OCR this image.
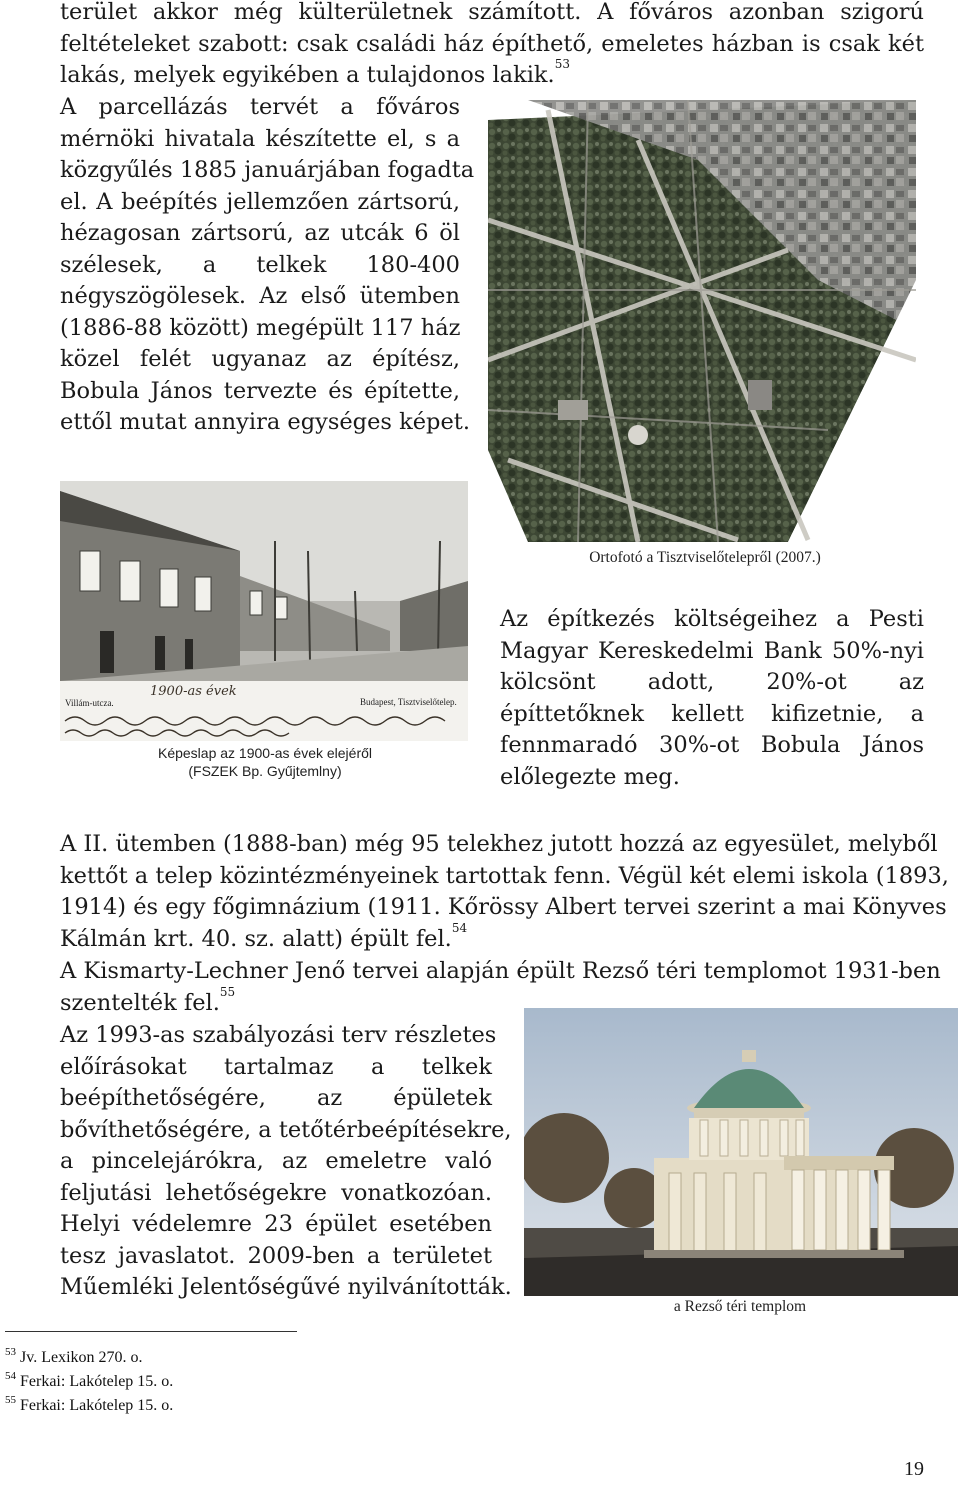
terület akkor még külterületnek számított. A főváros azonban szigorú
feltételeket szabott: csak családi ház építhető, emeletes házban is csak két
lakás, melyek egyikében a tulajdonos lakik.$^{53}$
A parcellázás tervét a főváros
mérnöki hivatala készítette el, s a
közgyűlés 1885 januárjában fogadta
el. A beépítés jellemzően zártsorú,
hézagosan zártsorú, az utcák 6 öl
szélesek, a telkek 180-400
négyszögölesek. Az első ütemben
(1886-88 között) megépült 117 ház
közel felét ugyanaz az építész,
Bobula János tervezte és építette,
ettől mutat annyira egységes képet.
Ortofotó a Tisztviselőtelepről (2007.)
Villám-utcza.	Budapest, Tisztviselőtelep.
1900-as évek
Képeslap az 1900-as évek elejéről
(FSZEK Bp. Gyűjtemlny)
Az építkezés költségeihez a Pesti
Magyar Kereskedelmi Bank 50%-nyi
kölcsönt adott, 20%-ot az
építtetőknek kellett kifizetnie, a
fennmaradó 30%-ot Bobula János
előlegezte meg.
A II. ütemben (1888-ban) még 95 telekhez jutott hozzá az egyesület, melyből
kettőt a telep közintézményeinek tartottak fenn. Végül két elemi iskola (1893,
1914) és egy főgimnázium (1911. Kőrössy Albert tervei szerint a mai Könyves
Kálmán krt. 40. sz. alatt) épült fel.$^{54}$
A Kismarty-Lechner Jenő tervei alapján épült Rezső téri templomot 1931-ben
szentelték fel.$^{55}$
Az 1993-as szabályozási terv részletes
előírásokat tartalmaz a telkek
beépíthetőségére, az épületek
bővíthetőségére, a tetőtérbeépítésekre,
a pincelejárókra, az emeletre való
feljutási lehetőségekre vonatkozóan.
Helyi védelemre 23 épület esetében
tesz javaslatot. 2009-ben a területet
Műemléki Jelentőségűvé nyilvánították.
a Rezső téri templom
$^{53}$ Jv. Lexikon 270. o.
$^{54}$ Ferkai: Lakótelep 15. o.
$^{55}$ Ferkai: Lakótelep 15. o.
19
